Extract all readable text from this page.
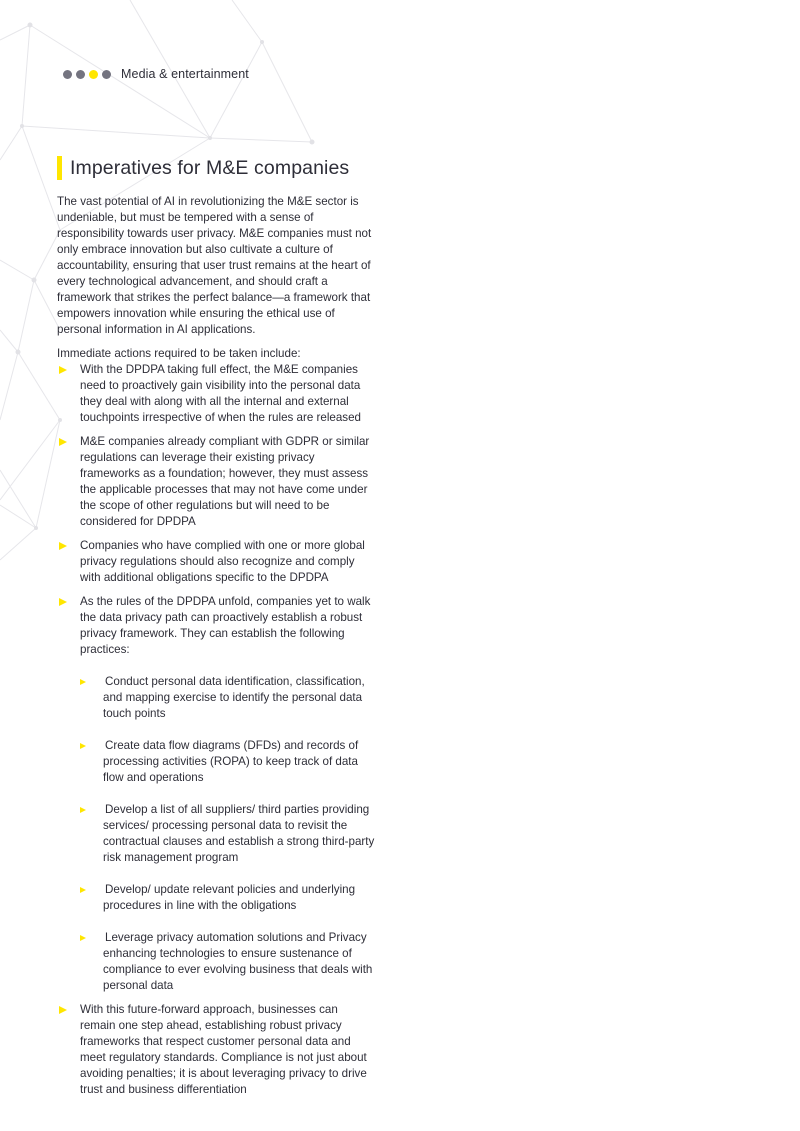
Media & entertainment
Imperatives for M&E companies

The vast potential of AI in revolutionizing the M&E sector is undeniable, but must be tempered with a sense of responsibility towards user privacy. M&E companies must not only embrace innovation but also cultivate a culture of accountability, ensuring that user trust remains at the heart of every technological advancement, and should craft a framework that strikes the perfect balance—a framework that empowers innovation while ensuring the ethical use of personal information in AI applications.

Immediate actions required to be taken include:

With the DPDPA taking full effect, the M&E companies need to proactively gain visibility into the personal data they deal with along with all the internal and external touchpoints irrespective of when the rules are released
M&E companies already compliant with GDPR or similar regulations can leverage their existing privacy frameworks as a foundation; however, they must assess the applicable processes that may not have come under the scope of other regulations but will need to be considered for DPDPA
Companies who have complied with one or more global privacy regulations should also recognize and comply with additional obligations specific to the DPDPA
As the rules of the DPDPA unfold, companies yet to walk the data privacy path can proactively establish a robust privacy framework. They can establish the following practices:
Conduct personal data identification, classification, and mapping exercise to identify the personal data touch points
Create data flow diagrams (DFDs) and records of processing activities (ROPA) to keep track of data flow and operations
Develop a list of all suppliers/ third parties providing services/ processing personal data to revisit the contractual clauses and establish a strong third-party risk management program
Develop/ update relevant policies and underlying procedures in line with the obligations
Leverage privacy automation solutions and Privacy enhancing technologies to ensure sustenance of compliance to ever evolving business that deals with personal data
With this future-forward approach, businesses can remain one step ahead, establishing robust privacy frameworks that respect customer personal data and meet regulatory standards. Compliance is not just about avoiding penalties; it is about leveraging privacy to drive trust and business differentiation
